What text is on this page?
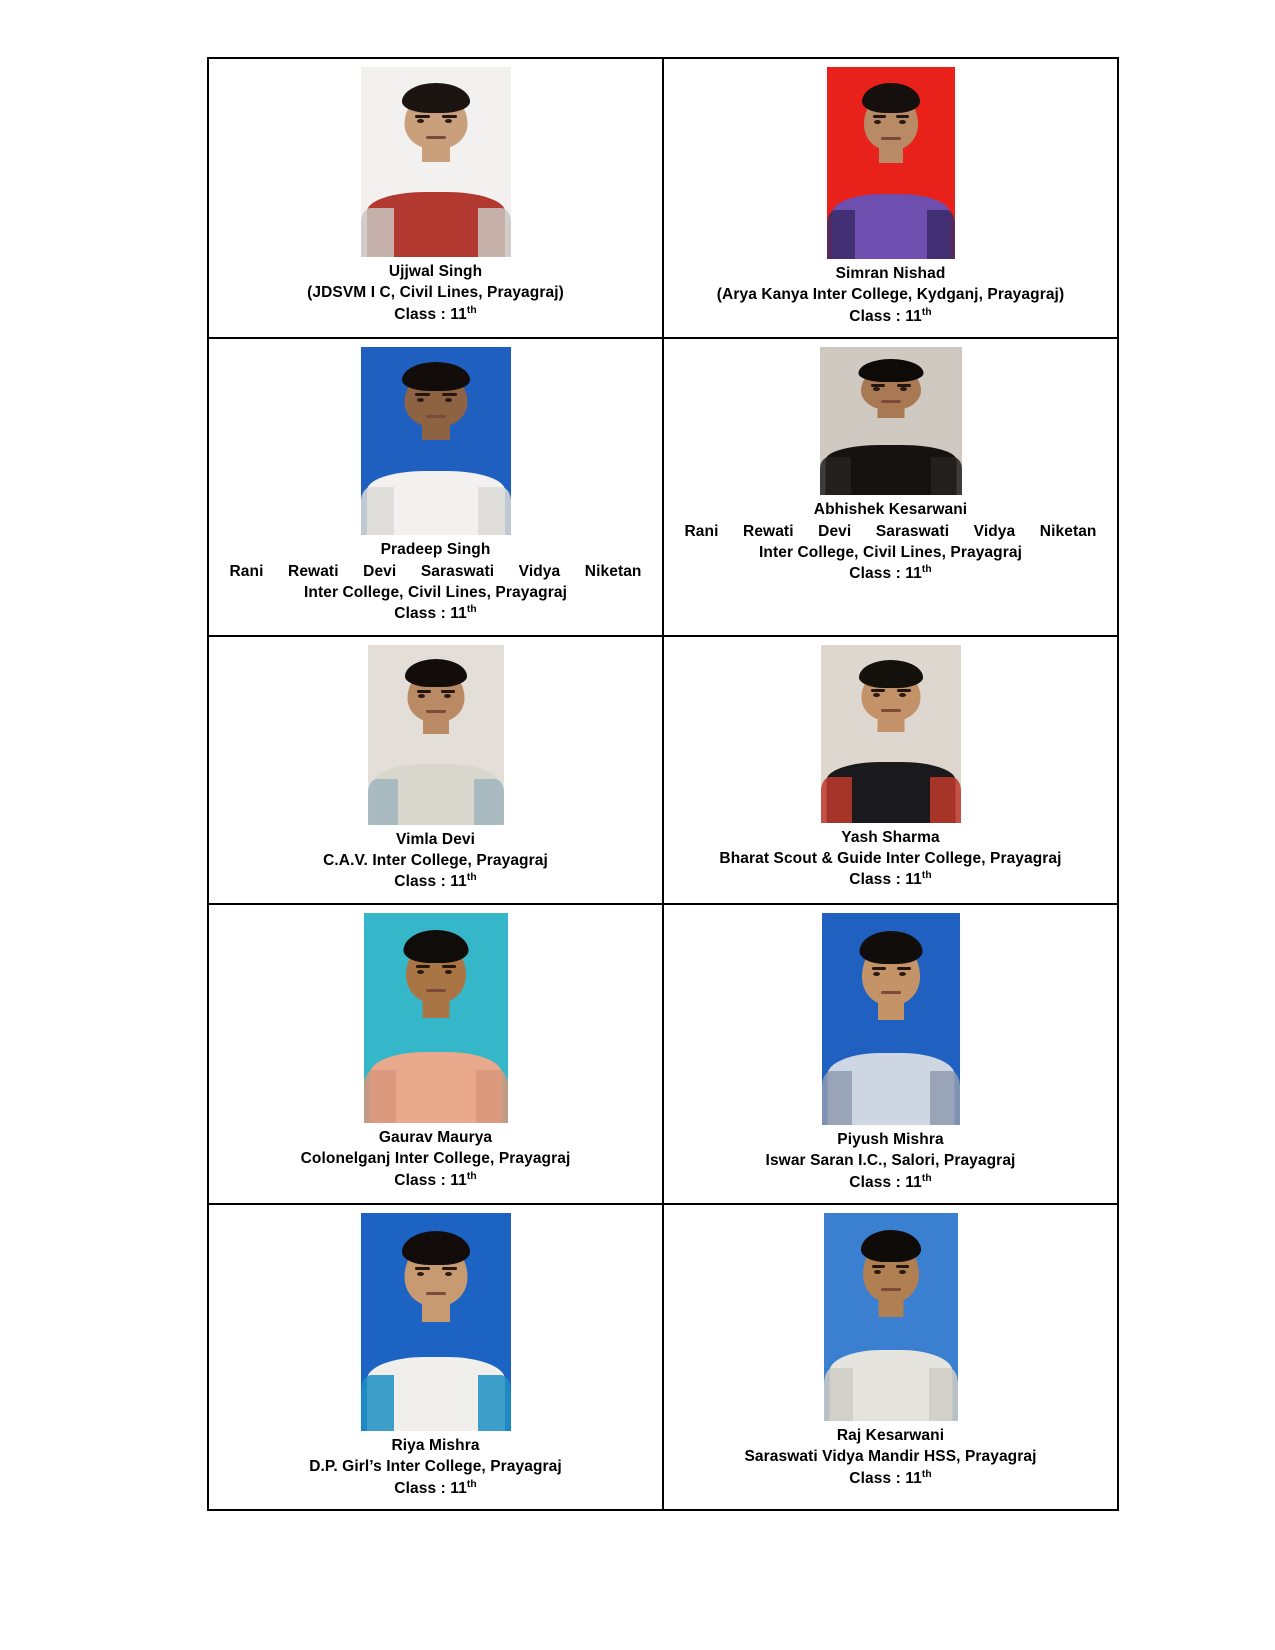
Ujjwal Singh
(JDSVM I C, Civil Lines, Prayagraj)
Class : 11th
Simran Nishad
(Arya Kanya Inter College, Kydganj, Prayagraj)
Class : 11th
Pradeep Singh
Rani Rewati Devi Saraswati Vidya Niketan
Inter College, Civil Lines, Prayagraj
Class : 11th
Abhishek Kesarwani
Rani Rewati Devi Saraswati Vidya Niketan
Inter College, Civil Lines, Prayagraj
Class : 11th
Vimla Devi
C.A.V. Inter College, Prayagraj
Class : 11th
Yash Sharma
Bharat Scout & Guide Inter College, Prayagraj
Class : 11th
Gaurav Maurya
Colonelganj Inter College, Prayagraj
Class : 11th
Piyush Mishra
Iswar Saran I.C., Salori, Prayagraj
Class : 11th
Riya Mishra
D.P. Girl’s Inter College, Prayagraj
Class : 11th
Raj Kesarwani
Saraswati Vidya Mandir HSS, Prayagraj
Class : 11th
